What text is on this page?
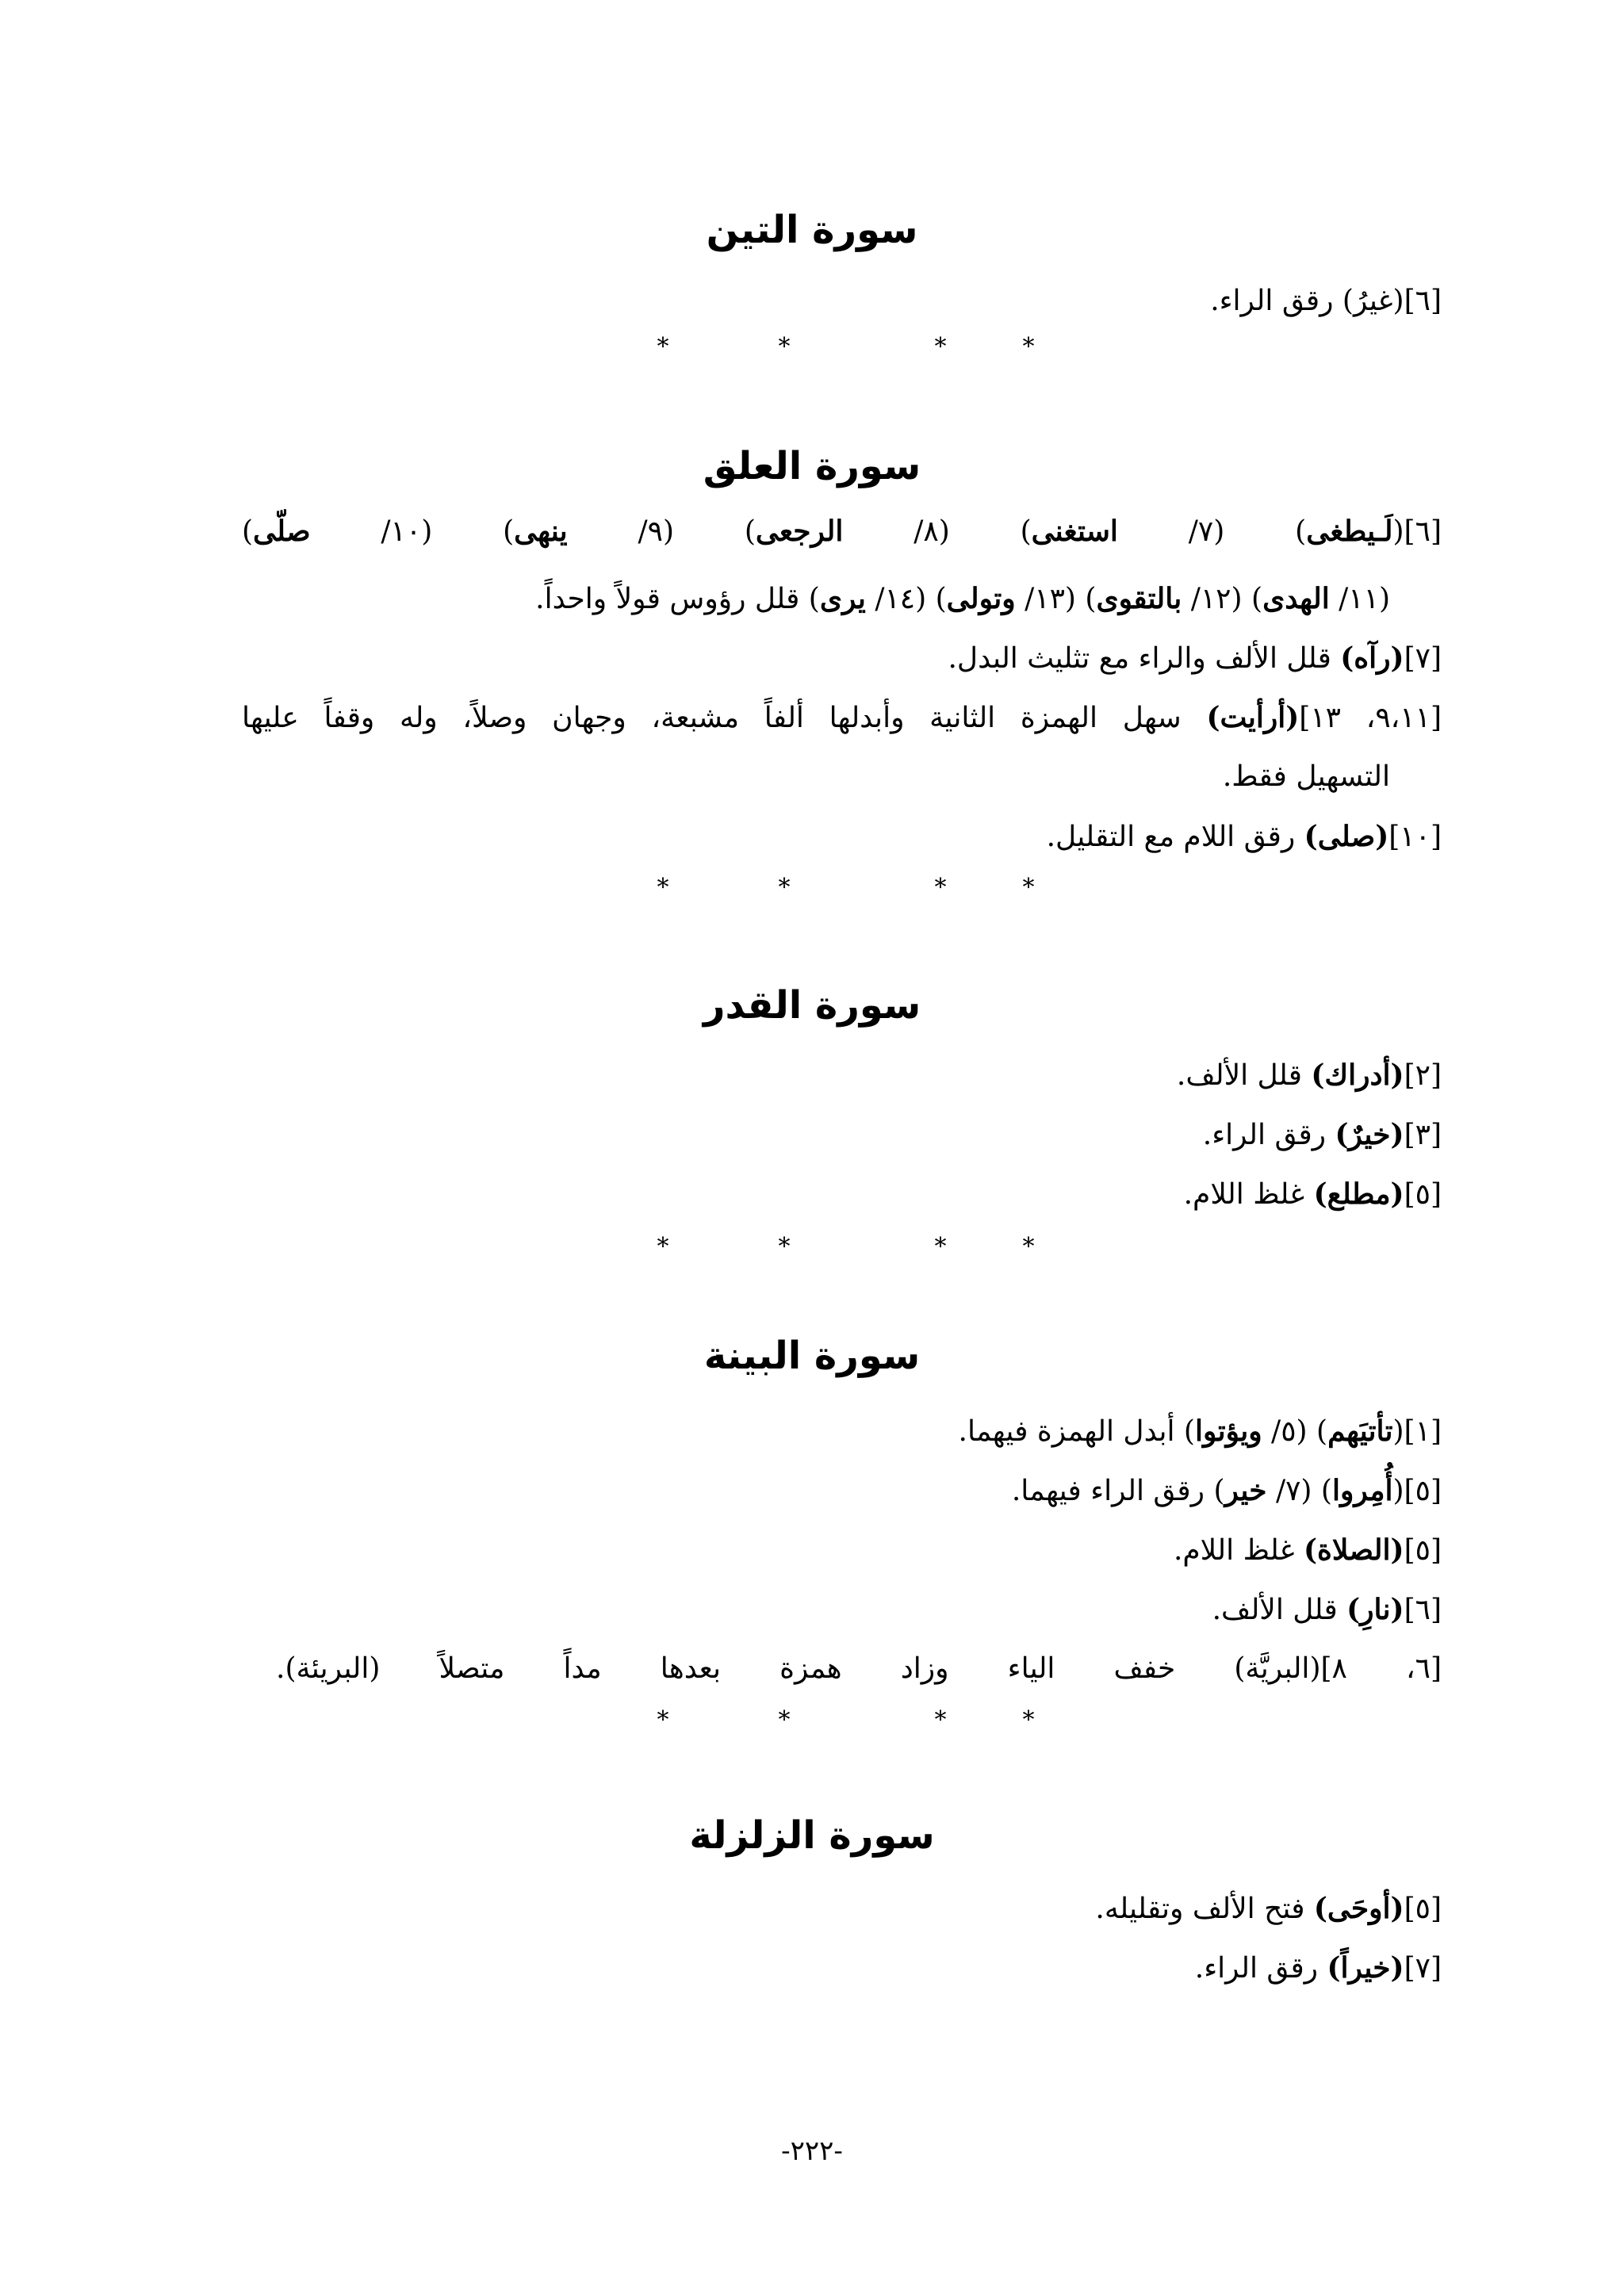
سورة التين
[٦](غيرُ) رقق الراء.
*
*
*
*
سورة العلق
[٦](لَـيطغى) (٧/ استغنى) (٨/ الرجعى) (٩/ ينهى) (١٠/ صلّى)
(١١/ الهدى) (١٢/ بالتقوى) (١٣/ وتولى) (١٤/ يرى) قلل رؤوس قولاً واحداً.
[٧](رآه) قلل الألف والراء مع تثليث البدل.
[٩،١١، ١٣](أرأيت) سهل الهمزة الثانية وأبدلها ألفاً مشبعة، وجهان وصلاً، وله وقفاً عليها
التسهيل فقط.
[١٠](صلى) رقق اللام مع التقليل.
*
*
*
*
سورة القدر
[٢](أدراك) قلل الألف.
[٣](خيرٌ) رقق الراء.
[٥](مطلع) غلظ اللام.
*
*
*
*
سورة البينة
[١](تأتيَهم) (٥/ ويؤتوا) أبدل الهمزة فيهما.
[٥](أُمِروا) (٧/ خير) رقق الراء فيهما.
[٥](الصلاة) غلظ اللام.
[٦](نارِ) قلل الألف.
[٦، ٨](البريَّة) خفف الياء وزاد همزة بعدها مداً متصلاً (البريئة).
*
*
*
*
سورة الزلزلة
[٥](أوحَى) فتح الألف وتقليله.
[٧](خيراً) رقق الراء.
-٢٢٢-
